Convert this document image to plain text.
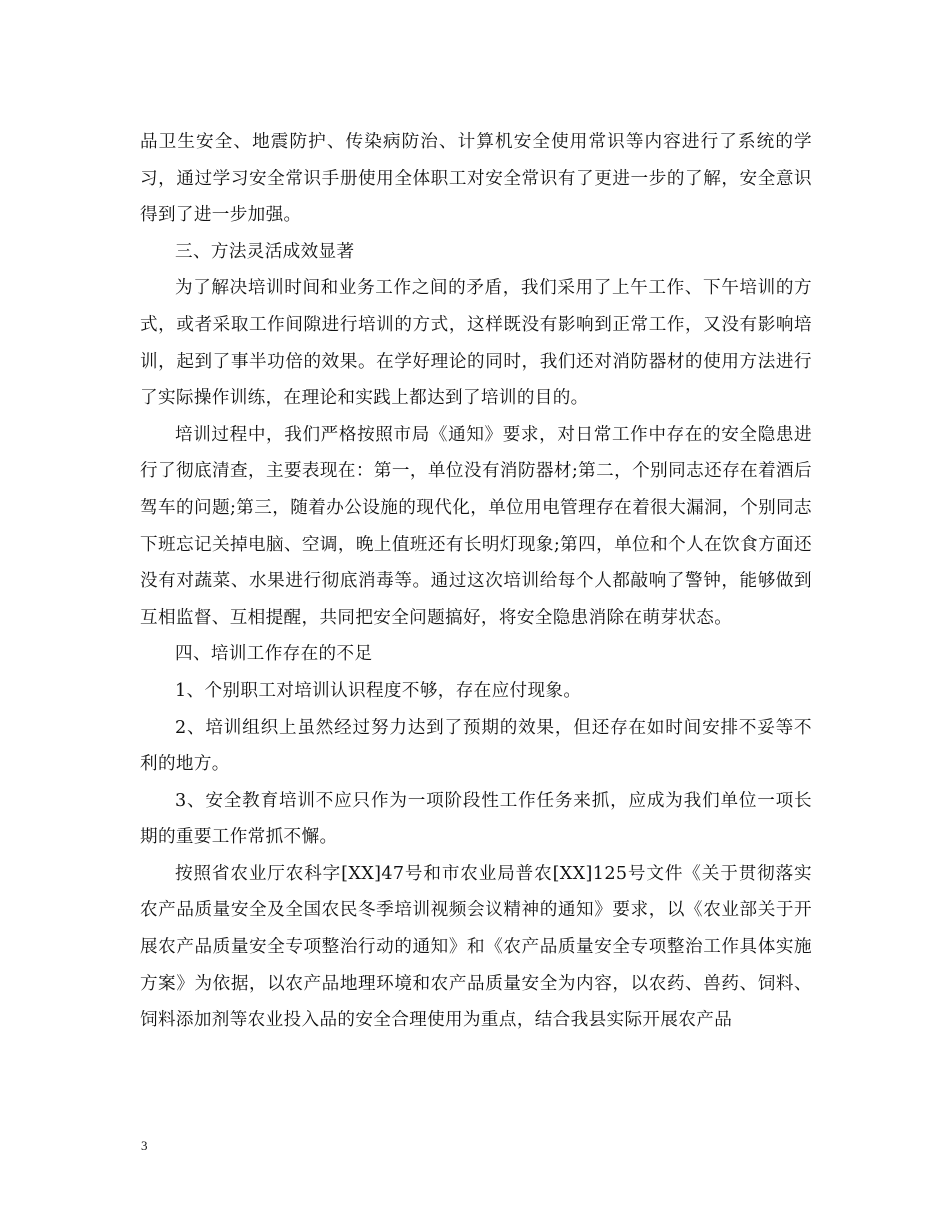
品卫生安全、地震防护、传染病防治、计算机安全使用常识等内容进行了系统的学习，通过学习安全常识手册使用全体职工对安全常识有了更进一步的了解，安全意识得到了进一步加强。

三、方法灵活成效显著

为了解决培训时间和业务工作之间的矛盾，我们采用了上午工作、下午培训的方式，或者采取工作间隙进行培训的方式，这样既没有影响到正常工作，又没有影响培训，起到了事半功倍的效果。在学好理论的同时，我们还对消防器材的使用方法进行了实际操作训练，在理论和实践上都达到了培训的目的。

培训过程中，我们严格按照市局《通知》要求，对日常工作中存在的安全隐患进行了彻底清查，主要表现在：第一，单位没有消防器材;第二，个别同志还存在着酒后驾车的问题;第三，随着办公设施的现代化，单位用电管理存在着很大漏洞，个别同志下班忘记关掉电脑、空调，晚上值班还有长明灯现象;第四，单位和个人在饮食方面还没有对蔬菜、水果进行彻底消毒等。通过这次培训给每个人都敲响了警钟，能够做到互相监督、互相提醒，共同把安全问题搞好，将安全隐患消除在萌芽状态。

四、培训工作存在的不足

1、个别职工对培训认识程度不够，存在应付现象。

2、培训组织上虽然经过努力达到了预期的效果，但还存在如时间安排不妥等不利的地方。

3、安全教育培训不应只作为一项阶段性工作任务来抓，应成为我们单位一项长期的重要工作常抓不懈。

按照省农业厅农科字[XX]47号和市农业局普农[XX]125号文件《关于贯彻落实农产品质量安全及全国农民冬季培训视频会议精神的通知》要求，以《农业部关于开展农产品质量安全专项整治行动的通知》和《农产品质量安全专项整治工作具体实施方案》为依据，以农产品地理环境和农产品质量安全为内容，以农药、兽药、饲料、饲料添加剂等农业投入品的安全合理使用为重点，结合我县实际开展农产品

3
